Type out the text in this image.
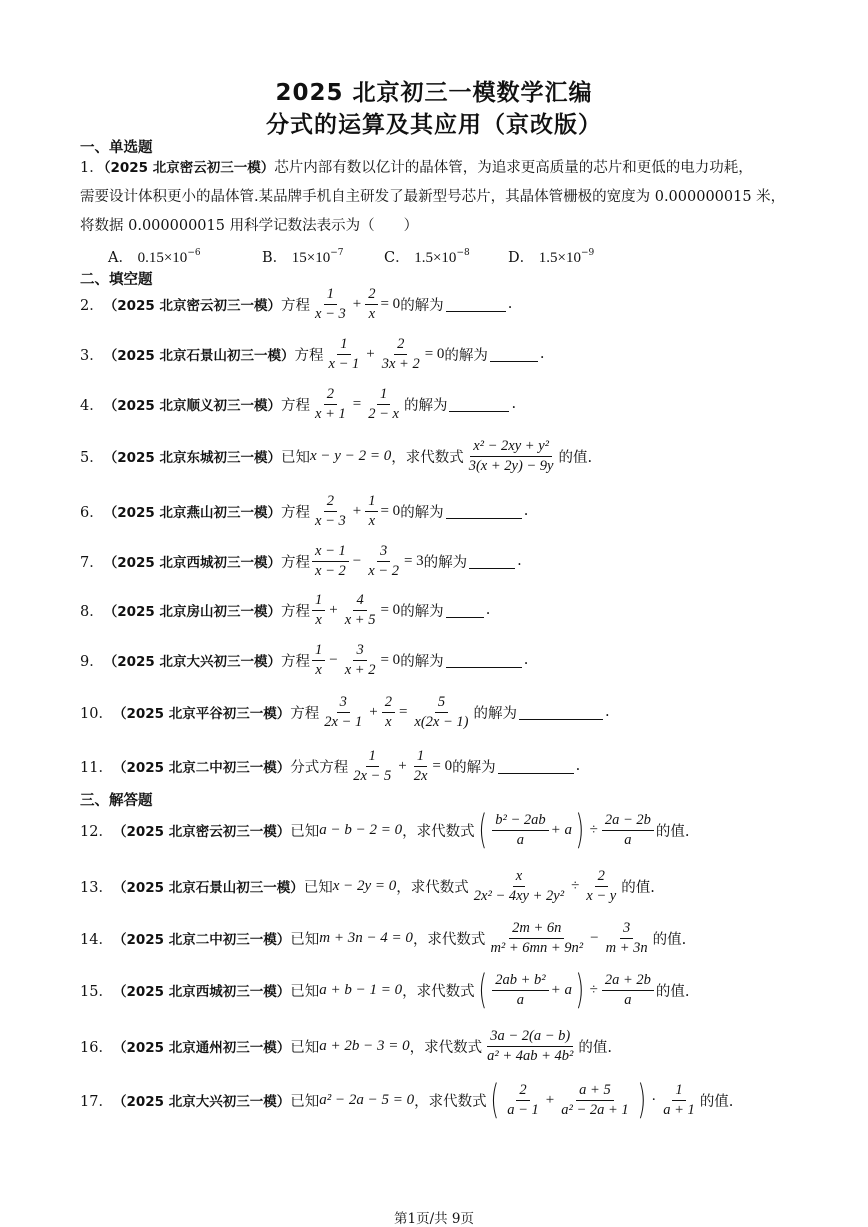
2025 北京初三一模数学汇编
分式的运算及其应用（京改版）
一、单选题
1．（2025 北京密云初三一模）芯片内部有数以亿计的晶体管，为追求更高质量的芯片和更低的电力功耗，
需要设计体积更小的晶体管.某品牌手机自主研发了最新型号芯片，其晶体管栅极的宽度为 0.000000015 米，
将数据 0.000000015 用科学记数法表示为（　　）
A． $0.15\times 10^{-6}$	B． $15\times 10^{-7}$	C． $1.5\times 10^{-8}$	D． $1.5\times 10^{-9}$
二、填空题
2． （2025 北京密云初三一模） 方程 $\frac{1}{x - 3} + \frac{2}{x} = 0$ 的解为	.
3． （2025 北京石景山初三一模） 方程 $\frac{1}{x - 1} + \frac{2}{3x + 2} = 0$ 的解为	.
4． （2025 北京顺义初三一模） 方程 $\frac{2}{x + 1} = \frac{1}{2 - x}$ 的解为	.
5． （2025 北京东城初三一模） 已知 x − y − 2 = 0 ，求代数式 $\frac{\text{x² − 2xy + y²}}{3(x + 2y) - 9y}$ 的值.
6． （2025 北京燕山初三一模） 方程 $\frac{2}{x - 3} + \frac{1}{x} = 0$ 的解为	.
7． （2025 北京西城初三一模） 方程 $\frac{x - 1}{x - 2} - \frac{3}{x - 2} = 3$ 的解为	.
8． （2025 北京房山初三一模） 方程 $\frac{1}{x} + \frac{4}{x + 5} = 0$ 的解为	.
9． （2025 北京大兴初三一模） 方程 $\frac{1}{x} - \frac{3}{x + 2} = 0$ 的解为	.
10． （2025 北京平谷初三一模） 方程 $\frac{3}{2x - 1} + \frac{2}{x} = \frac{5}{x(2x - 1)}$ 的解为	.
11． （2025 北京二中初三一模） 分式方程 $\frac{1}{2x - 5} + \frac{1}{2x} = 0$ 的解为	.
三、解答题
12． （2025 北京密云初三一模） 已知 a − b − 2 = 0 ，求代数式 ( $\frac{\text{b² − 2ab}}{a} + a$ ) ÷ $\frac{2a - 2b}{a}$ 的值.
13． （2025 北京石景山初三一模） 已知 x − 2y = 0 ，求代数式 $\frac{x}{\text{2x² − 4xy + 2y²}} \div \frac{2}{x - y}$ 的值.
14． （2025 北京二中初三一模） 已知 m + 3n − 4 = 0 ，求代数式 $\frac{2m + 6n}{\text{m² + 6mn + 9n²}} - \frac{3}{m + 3n}$ 的值.
15． （2025 北京西城初三一模） 已知 a + b − 1 = 0 ，求代数式 ( $\frac{\text{2ab + b²}}{a} + a$ ) ÷ $\frac{2a + 2b}{a}$ 的值.
16． （2025 北京通州初三一模） 已知 a + 2b − 3 = 0 ，求代数式 $\frac{3a - 2(a - b)}{\text{a² + 4ab + 4b²}}$ 的值.
17． （2025 北京大兴初三一模） 已知 a² − 2a − 5 = 0 ，求代数式 ( $\frac{2}{a - 1} + \frac{a + 5}{\text{a² − 2a + 1}}$ ) · $\frac{1}{a + 1}$ 的值.
第1页/共 9页
